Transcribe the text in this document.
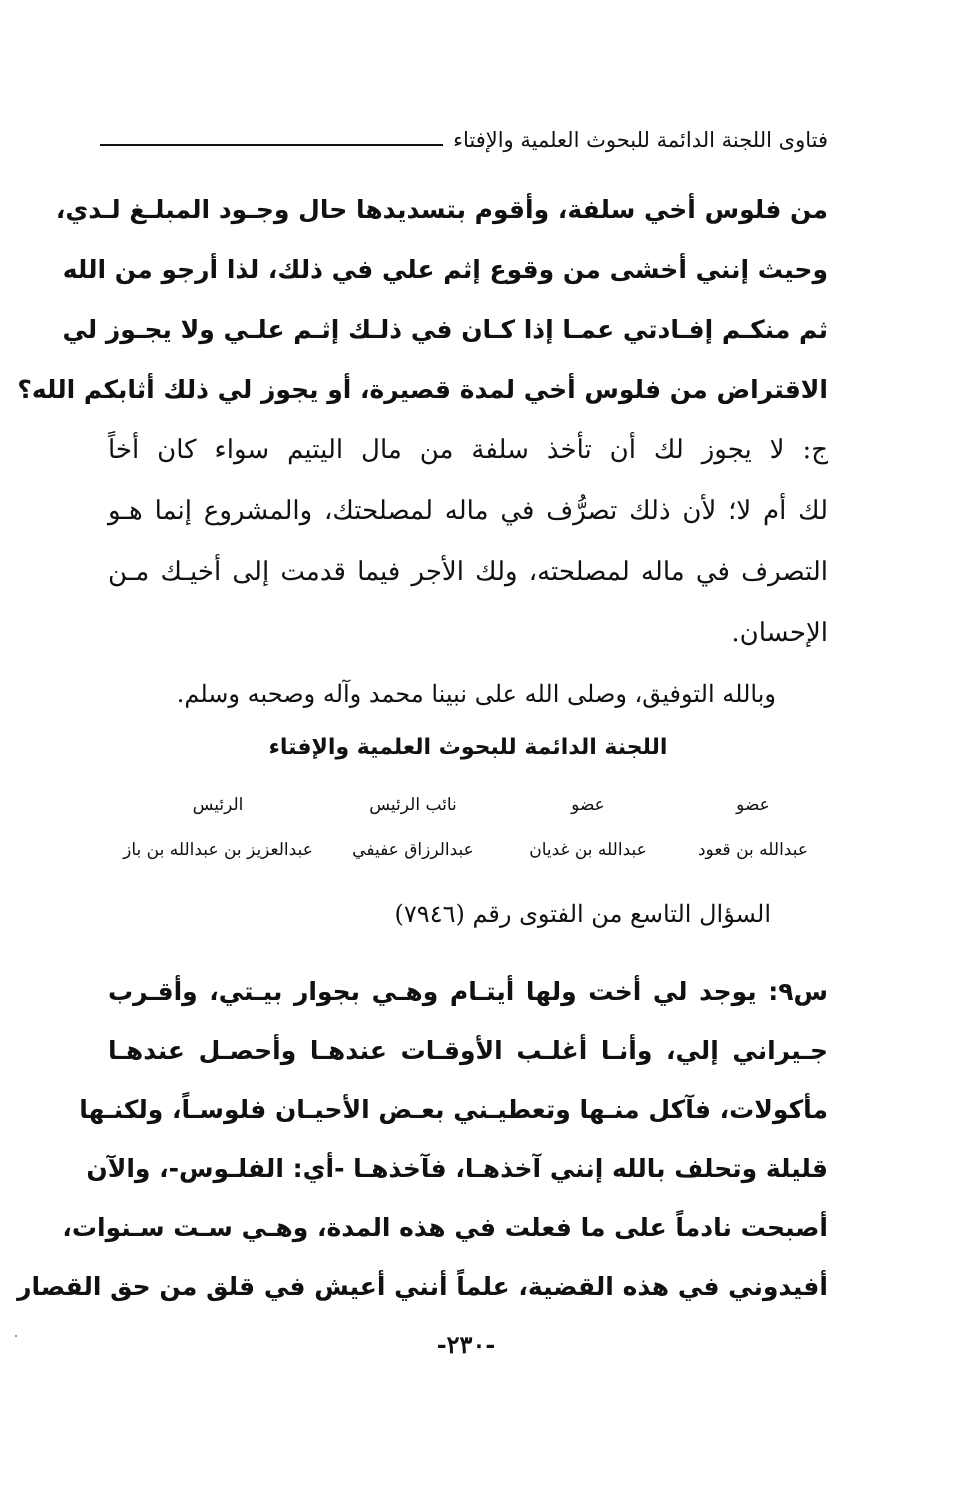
فتاوى اللجنة الدائمة للبحوث العلمية والإفتاء
من فلوس أخي سلفة، وأقوم بتسديدها حال وجـود المبلـغ لـدي،
وحيث إنني أخشى من وقوع إثم علي في ذلك، لذا أرجو من الله
ثم منكـم إفـادتي عمـا إذا كـان في ذلـك إثـم علـي ولا يجـوز لي
الاقتراض من فلوس أخي لمدة قصيرة، أو يجوز لي ذلك أثابكم الله؟
ج: لا يجوز لك أن تأخذ سلفة من مال اليتيم سواء كان أخاً
لك أم لا؛ لأن ذلك تصرُّف في ماله لمصلحتك، والمشروع إنما هـو
التصرف في ماله لمصلحته، ولك الأجر فيما قدمت إلى أخيـك مـن
الإحسان.
وبالله التوفيق، وصلى الله على نبينا محمد وآله وصحبه وسلم.
اللجنة الدائمة للبحوث العلمية والإفتاء
عضو
عضو
نائب الرئيس
الرئيس
عبدالله بن قعود
عبدالله بن غديان
عبدالرزاق عفيفي
عبدالعزيز بن عبدالله بن باز
السؤال التاسع من الفتوى رقم (٧٩٤٦)
س٩: يوجد لي أخت ولها أيتـام وهـي بجوار بيـتي، وأقـرب
جـيراني إلي، وأنـا أغلـب الأوقـات عندهـا وأحصـل عندهـا
مأكولات، فآكل منـها وتعطيـني بعـض الأحيـان فلوسـاً، ولكنـها
قليلة وتحلف بالله إنني آخذهـا، فآخذهـا -أي: الفلـوس-، والآن
أصبحت نادماً على ما فعلت في هذه المدة، وهـي سـت سـنوات،
أفيدوني في هذه القضية، علماً أنني أعيش في قلق من حق القصار
-٢٣٠-
